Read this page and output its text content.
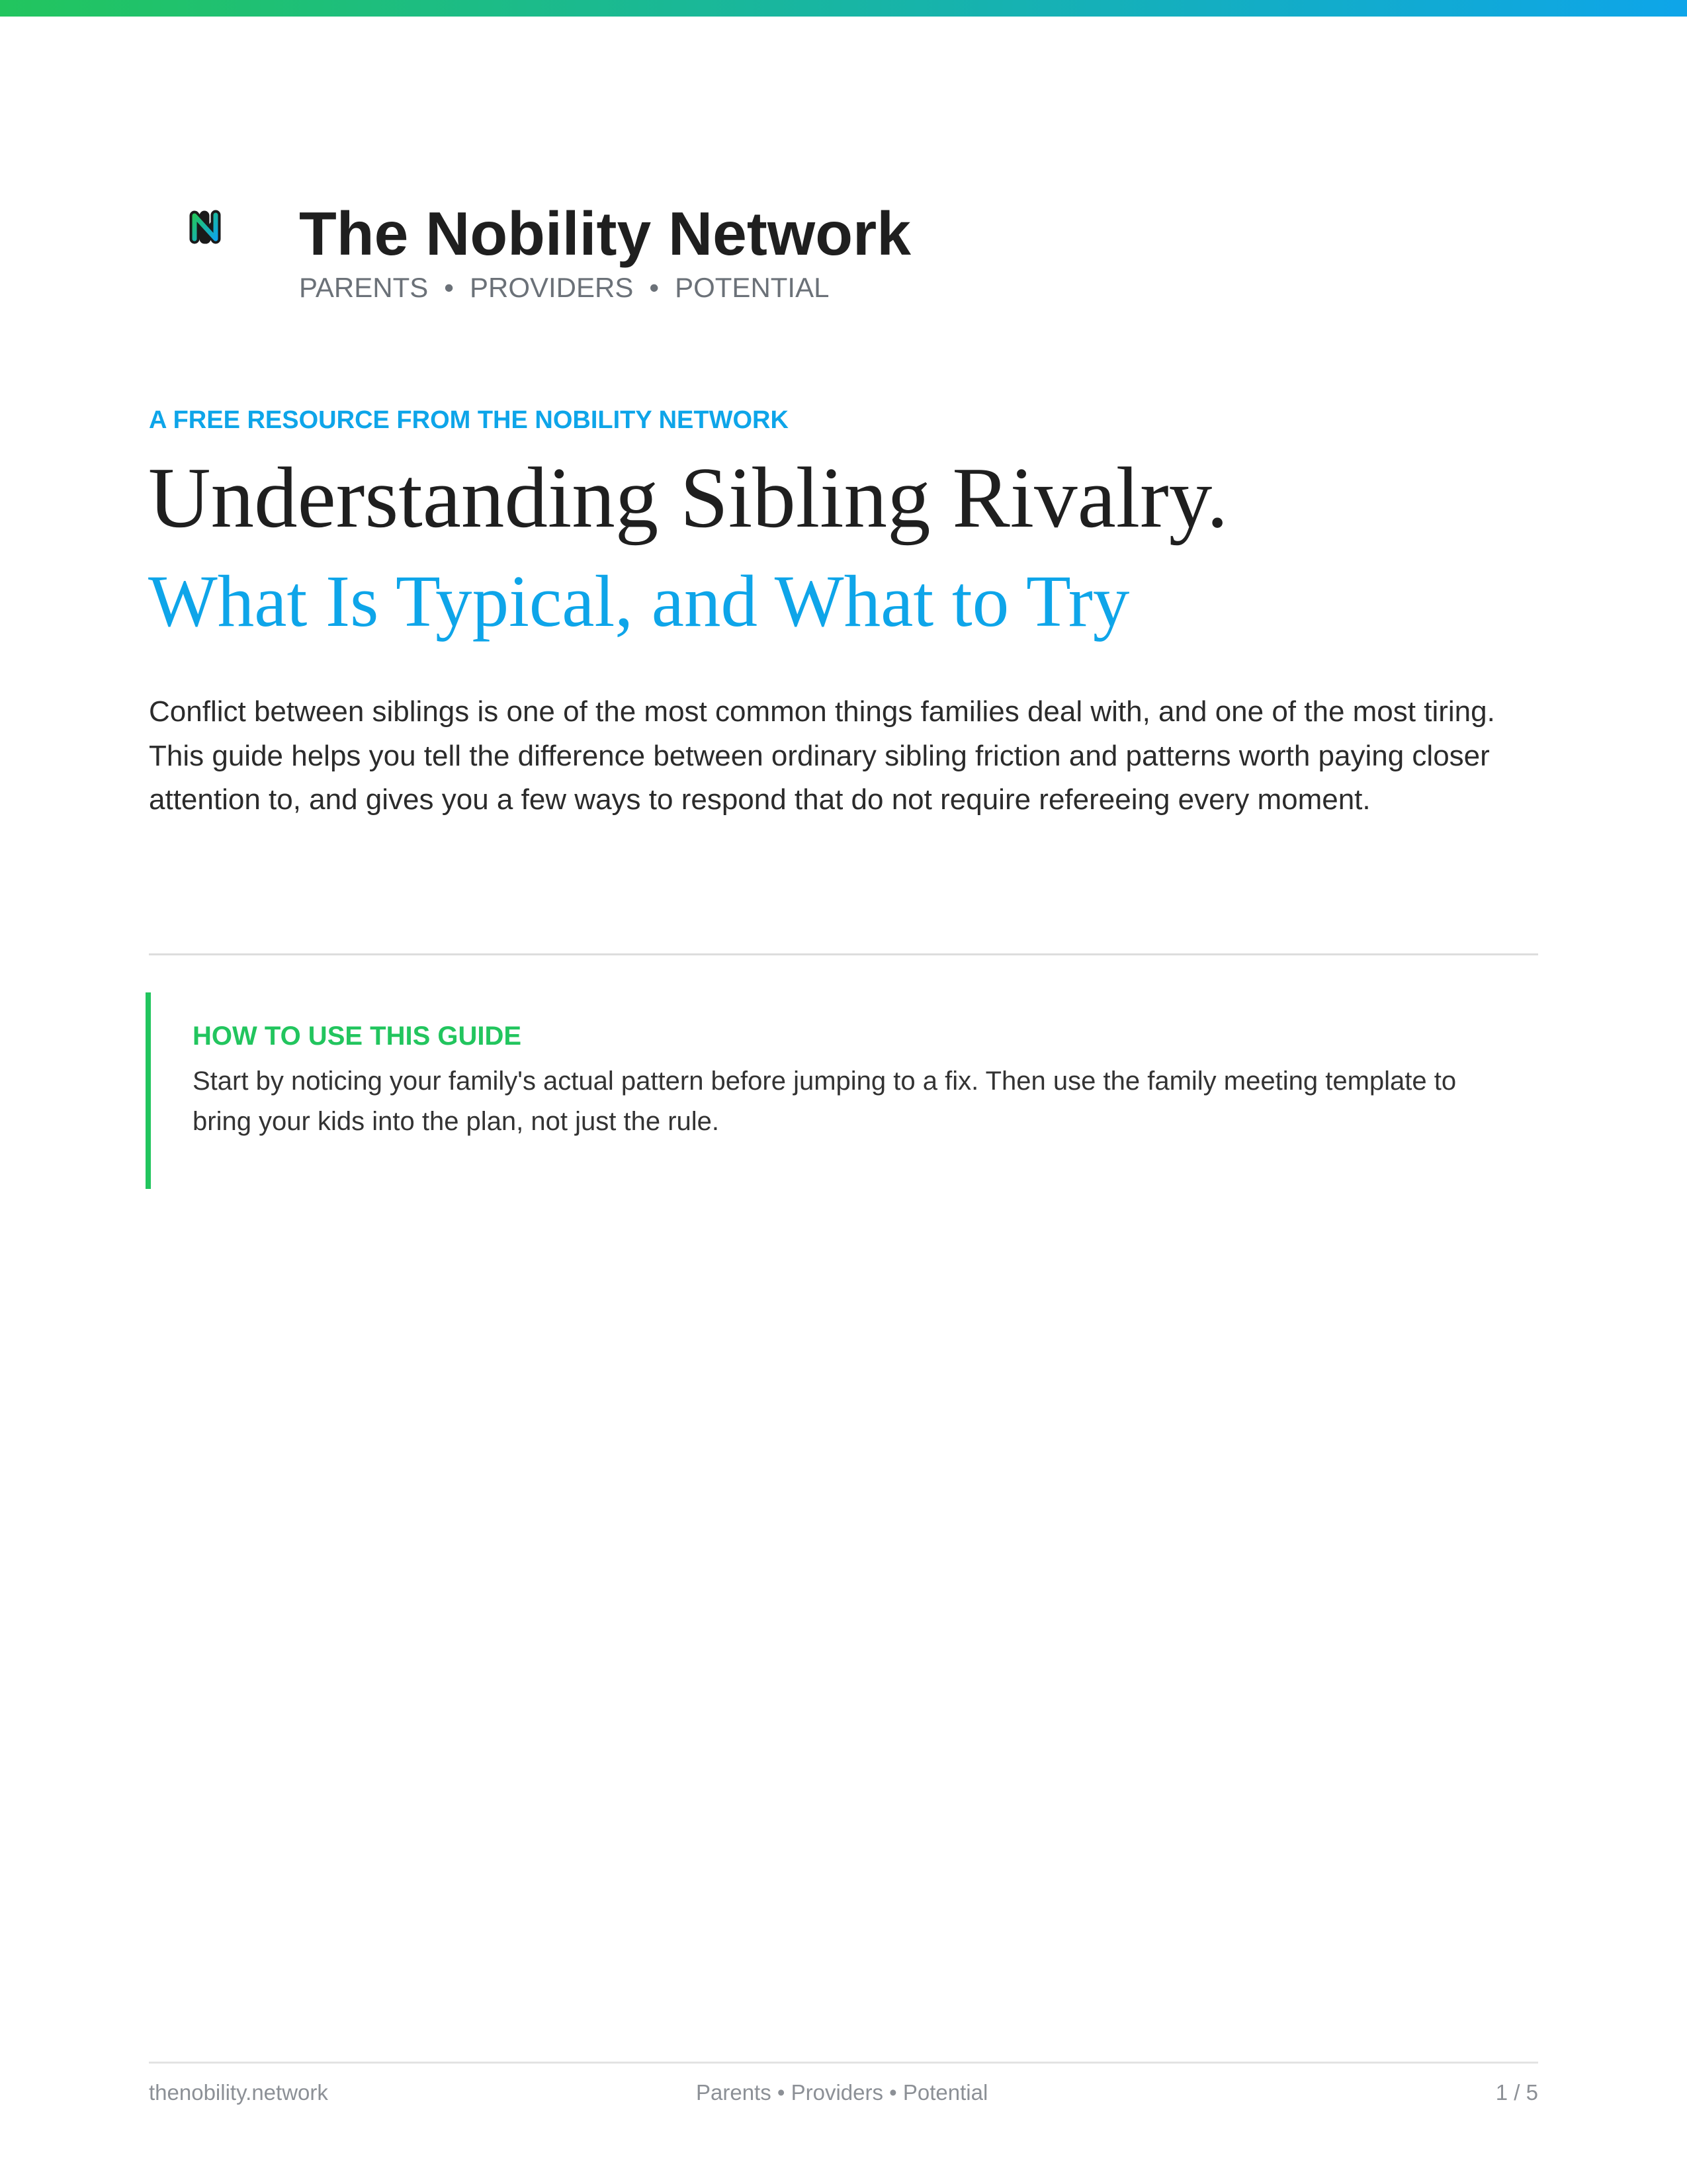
The Nobility Network
PARENTS • PROVIDERS • POTENTIAL
A FREE RESOURCE FROM THE NOBILITY NETWORK
Understanding Sibling Rivalry.
What Is Typical, and What to Try

Conflict between siblings is one of the most common things families deal with, and one of the most tiring. This guide helps you tell the difference between ordinary sibling friction and patterns worth paying closer attention to, and gives you a few ways to respond that do not require refereeing every moment.

HOW TO USE THIS GUIDE

Start by noticing your family's actual pattern before jumping to a fix. Then use the family meeting template to bring your kids into the plan, not just the rule.

thenobility.network	Parents • Providers • Potential	1 / 5
